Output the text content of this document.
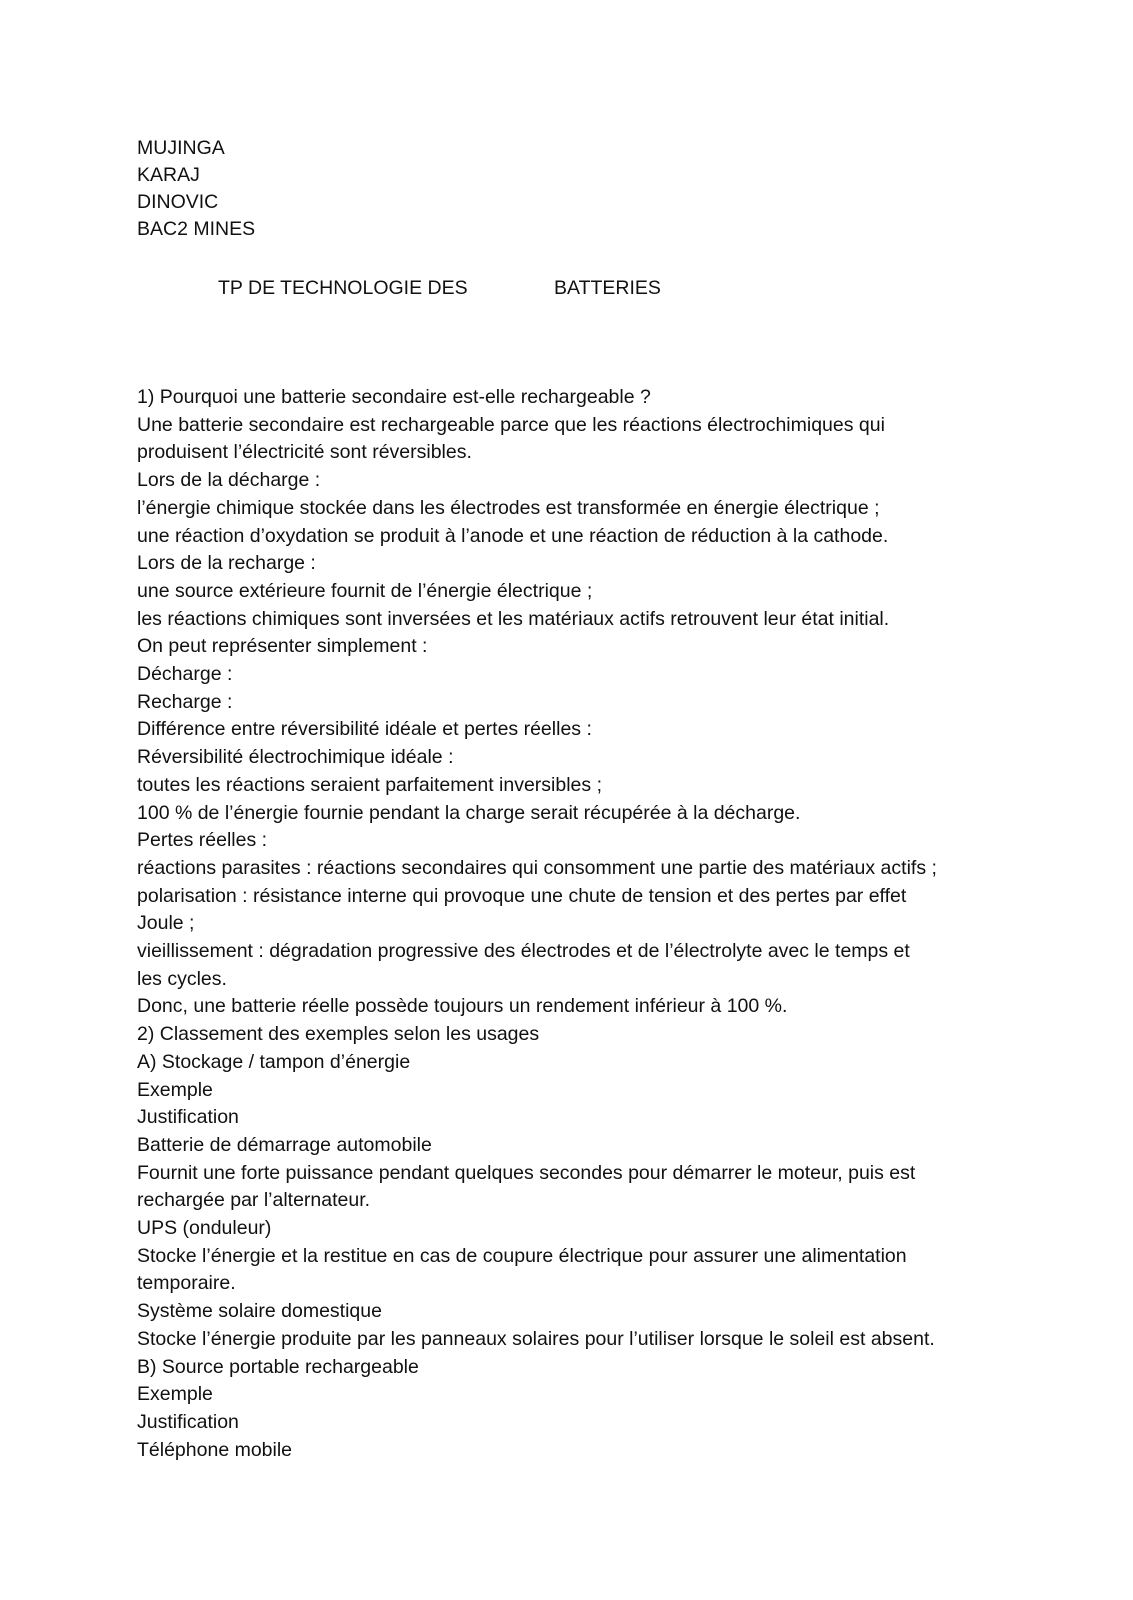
MUJINGA

KARAJ

DINOVIC

BAC2 MINES

TP DE TECHNOLOGIE DES	BATTERIES

1) Pourquoi une batterie secondaire est-elle rechargeable ?

Une batterie secondaire est rechargeable parce que les réactions électrochimiques qui

produisent l’électricité sont réversibles.

Lors de la décharge :

l’énergie chimique stockée dans les électrodes est transformée en énergie électrique ;

une réaction d’oxydation se produit à l’anode et une réaction de réduction à la cathode.

Lors de la recharge :

une source extérieure fournit de l’énergie électrique ;

les réactions chimiques sont inversées et les matériaux actifs retrouvent leur état initial.

On peut représenter simplement :

Décharge :

Recharge :

Différence entre réversibilité idéale et pertes réelles :

Réversibilité électrochimique idéale :

toutes les réactions seraient parfaitement inversibles ;

100 % de l’énergie fournie pendant la charge serait récupérée à la décharge.

Pertes réelles :

réactions parasites : réactions secondaires qui consomment une partie des matériaux actifs ;

polarisation : résistance interne qui provoque une chute de tension et des pertes par effet

Joule ;

vieillissement : dégradation progressive des électrodes et de l’électrolyte avec le temps et

les cycles.

Donc, une batterie réelle possède toujours un rendement inférieur à 100 %.

2) Classement des exemples selon les usages

A) Stockage / tampon d’énergie

Exemple

Justification

Batterie de démarrage automobile

Fournit une forte puissance pendant quelques secondes pour démarrer le moteur, puis est

rechargée par l’alternateur.

UPS (onduleur)

Stocke l’énergie et la restitue en cas de coupure électrique pour assurer une alimentation

temporaire.

Système solaire domestique

Stocke l’énergie produite par les panneaux solaires pour l’utiliser lorsque le soleil est absent.

B) Source portable rechargeable

Exemple

Justification

Téléphone mobile
